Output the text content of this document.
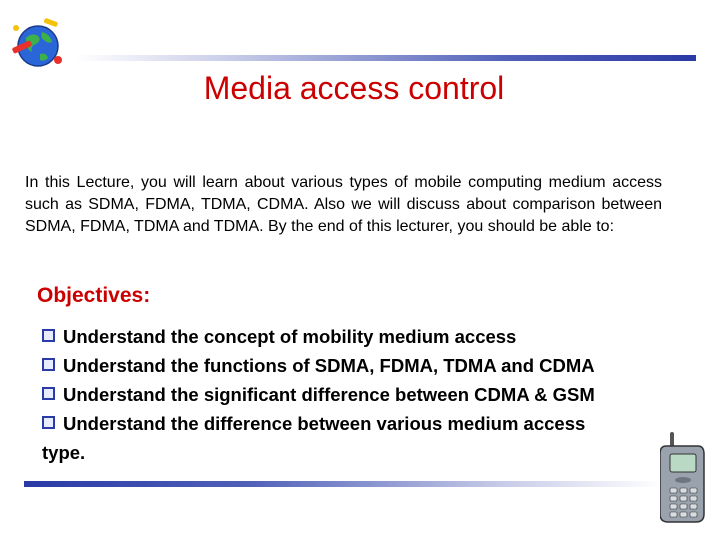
Media access control
In this Lecture, you will learn about various types of mobile computing medium access such as SDMA, FDMA, TDMA, CDMA. Also we will discuss about comparison between SDMA, FDMA, TDMA and TDMA. By the end of this lecturer, you should be able to:
Objectives:
Understand the concept of mobility medium access
Understand the functions of SDMA, FDMA, TDMA and CDMA
Understand the significant difference between CDMA & GSM
Understand the difference between various medium access
type.
